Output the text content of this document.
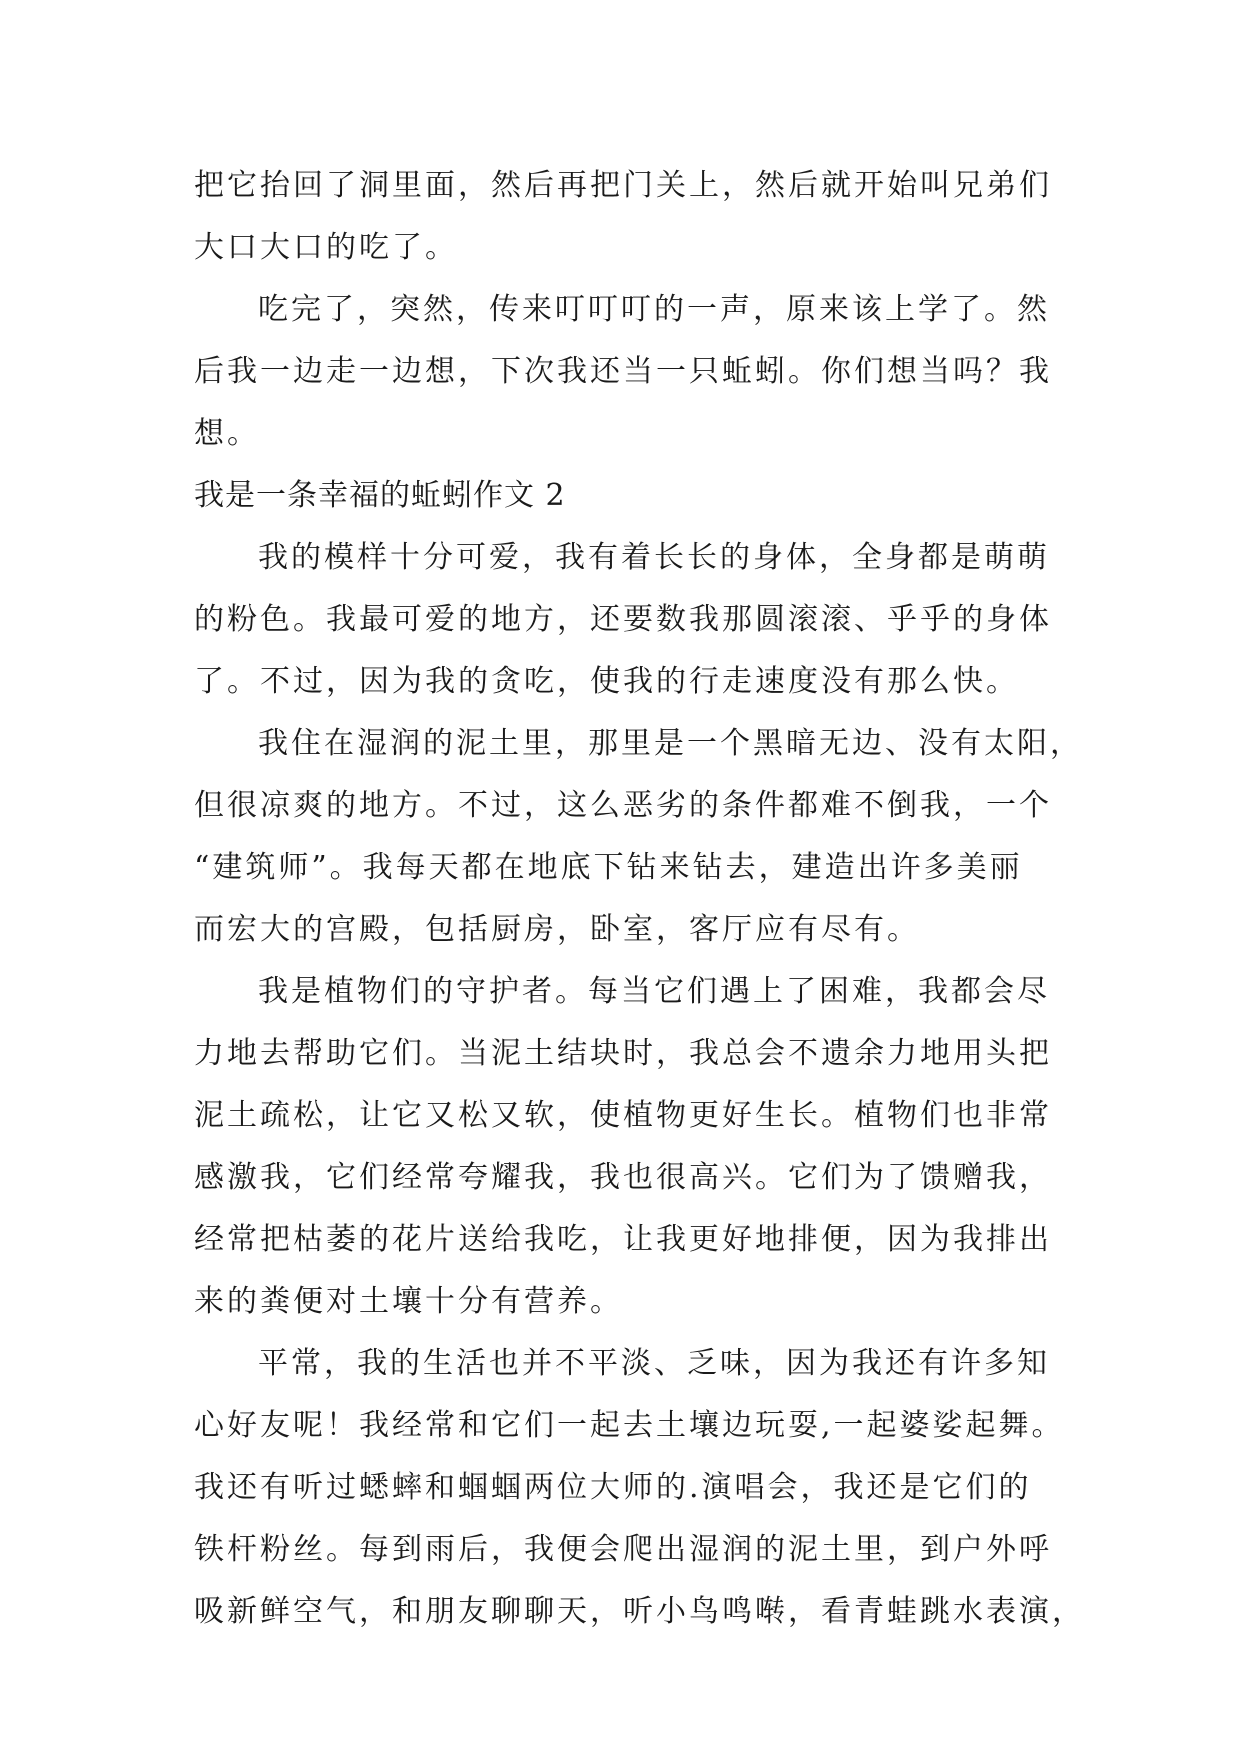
把它抬回了洞里面，然后再把门关上，然后就开始叫兄弟们
大口大口的吃了。
吃完了，突然，传来叮叮叮的一声，原来该上学了。然
后我一边走一边想，下次我还当一只蚯蚓。你们想当吗？我
想。
我是一条幸福的蚯蚓作文 2
我的模样十分可爱，我有着长长的身体，全身都是萌萌
的粉色。我最可爱的地方，还要数我那圆滚滚、乎乎的身体
了。不过，因为我的贪吃，使我的行走速度没有那么快。
我住在湿润的泥土里，那里是一个黑暗无边、没有太阳，
但很凉爽的地方。不过，这么恶劣的条件都难不倒我，一个
“建筑师”。我每天都在地底下钻来钻去，建造出许多美丽
而宏大的宫殿，包括厨房，卧室，客厅应有尽有。
我是植物们的守护者。每当它们遇上了困难，我都会尽
力地去帮助它们。当泥土结块时，我总会不遗余力地用头把
泥土疏松，让它又松又软，使植物更好生长。植物们也非常
感激我，它们经常夸耀我，我也很高兴。它们为了馈赠我，
经常把枯萎的花片送给我吃，让我更好地排便，因为我排出
来的粪便对土壤十分有营养。
平常，我的生活也并不平淡、乏味，因为我还有许多知
心好友呢！我经常和它们一起去土壤边玩耍,一起婆娑起舞。
我还有听过蟋蟀和蝈蝈两位大师的.演唱会，我还是它们的
铁杆粉丝。每到雨后，我便会爬出湿润的泥土里，到户外呼
吸新鲜空气，和朋友聊聊天，听小鸟鸣啭，看青蛙跳水表演，
